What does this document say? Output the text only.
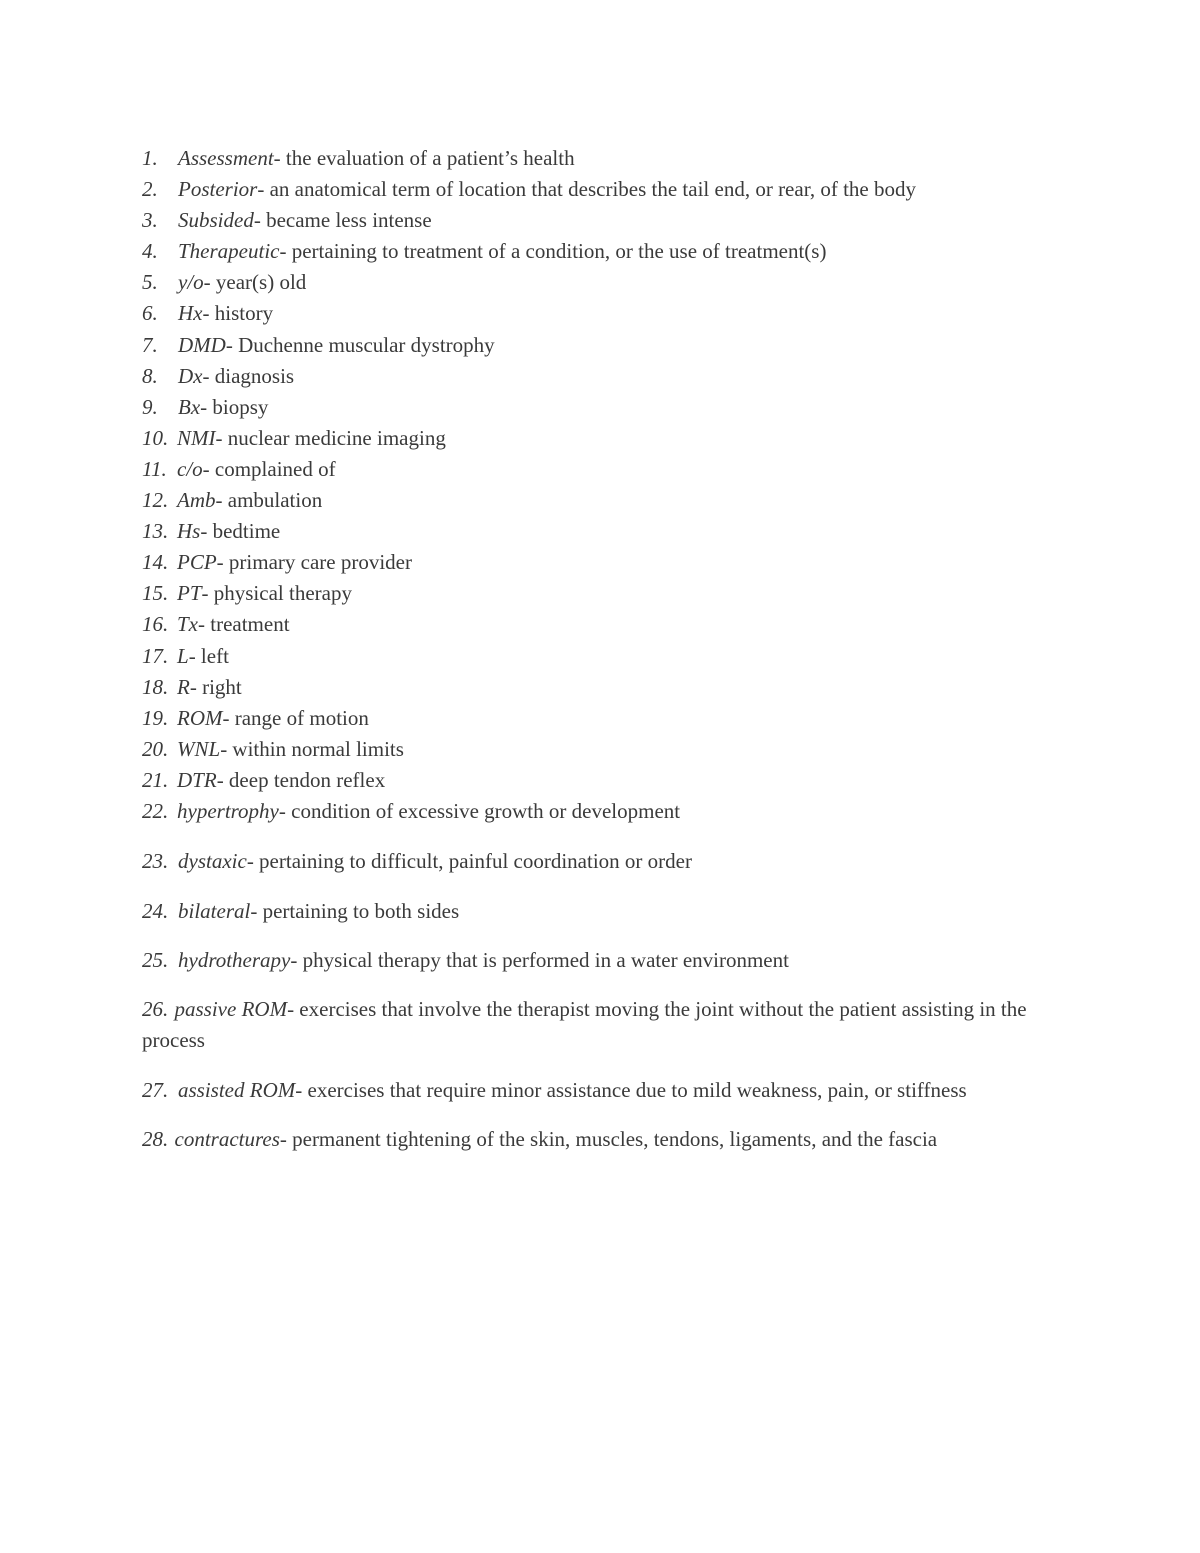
1. Assessment- the evaluation of a patient’s health
2. Posterior- an anatomical term of location that describes the tail end, or rear, of the body
3. Subsided- became less intense
4. Therapeutic- pertaining to treatment of a condition, or the use of treatment(s)
5. y/o- year(s) old
6. Hx- history
7. DMD- Duchenne muscular dystrophy
8. Dx- diagnosis
9. Bx- biopsy
10. NMI- nuclear medicine imaging
11. c/o- complained of
12. Amb- ambulation
13. Hs- bedtime
14. PCP- primary care provider
15. PT- physical therapy
16. Tx- treatment
17. L- left
18. R- right
19. ROM- range of motion
20. WNL- within normal limits
21. DTR- deep tendon reflex
22. hypertrophy- condition of excessive growth or development
23. dystaxic- pertaining to difficult, painful coordination or order
24. bilateral- pertaining to both sides
25. hydrotherapy- physical therapy that is performed in a water environment
26. passive ROM- exercises that involve the therapist moving the joint without the patient assisting in the process
27. assisted ROM- exercises that require minor assistance due to mild weakness, pain, or stiffness
28. contractures- permanent tightening of the skin, muscles, tendons, ligaments, and the fascia
